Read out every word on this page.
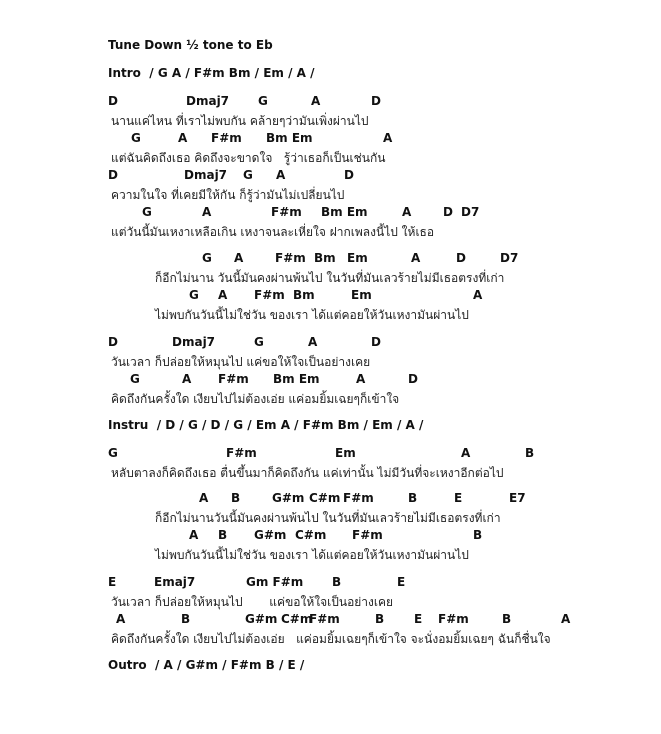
Tune Down ½ tone to Eb
Intro  / G A / F#m Bm / Em / A /
Instru  / D / G / D / G / Em A / F#m Bm / Em / A /
Outro  / A / G#m / F#m B / E /
D	Dmaj7 G	A	D
นานแค่ไหน ที่เราไม่พบกัน คล้ายๆว่ามันเพิ่งผ่านไป
G	A F#m Bm Em	A
แต่ฉันคิดถึงเธอ คิดถึงจะขาดใจ   รู้ว่าเธอก็เป็นเช่นกัน
D	Dmaj7 G A	D
ความในใจ ที่เคยมีให้กัน ก็รู้ว่ามันไม่เปลี่ยนไป
G	A	F#m Bm Em	A	D D7
แต่วันนี้มันเหงาเหลือเกิน เหงาจนละเหี่ยใจ ฝากเพลงนี้ไป ให้เธอ
G A	F#m Bm Em	A	D	D7
ก็อีกไม่นาน วันนี้มันคงผ่านพ้นไป ในวันที่มันเลวร้ายไม่มีเธอตรงที่เก่า
G A F#m Bm	Em	A
ไม่พบกันวันนี้ไม่ใช่วัน ของเรา ได้แต่คอยให้วันเหงามันผ่านไป
D	Dmaj7	G	A	D
วันเวลา ก็ปล่อยให้หมุนไป แค่ขอให้ใจเป็นอย่างเคย
G	A F#m Bm Em	A	D
คิดถึงกันครั้งใด เงียบไปไม่ต้องเอ่ย แค่อมยิ้มเฉยๆก็เข้าใจ
G	F#m	Em	A	B
หลับตาลงก็คิดถึงเธอ ตื่นขึ้นมาก็คิดถึงกัน แค่เท่านั้น ไม่มีวันที่จะเหงาอีกต่อไป
A B	G#m C#m F#m	B	E	E7
ก็อีกไม่นานวันนี้มันคงผ่านพ้นไป ในวันที่มันเลวร้ายไม่มีเธอตรงที่เก่า
A B G#m C#m F#m	B
ไม่พบกันวันนี้ไม่ใช่วัน ของเรา ได้แต่คอยให้วันเหงามันผ่านไป
E	Emaj7	Gm F#m B	E
วันเวลา ก็ปล่อยให้หมุนไป       แค่ขอให้ใจเป็นอย่างเคย
A	B	G#m C#m
F#m	B E F#m	B	A
คิดถึงกันครั้งใด เงียบไปไม่ต้องเอ่ย   แค่อมยิ้มเฉยๆก็เข้าใจ จะนั่งอมยิ้มเฉยๆ ฉันก็ชื่นใจ
